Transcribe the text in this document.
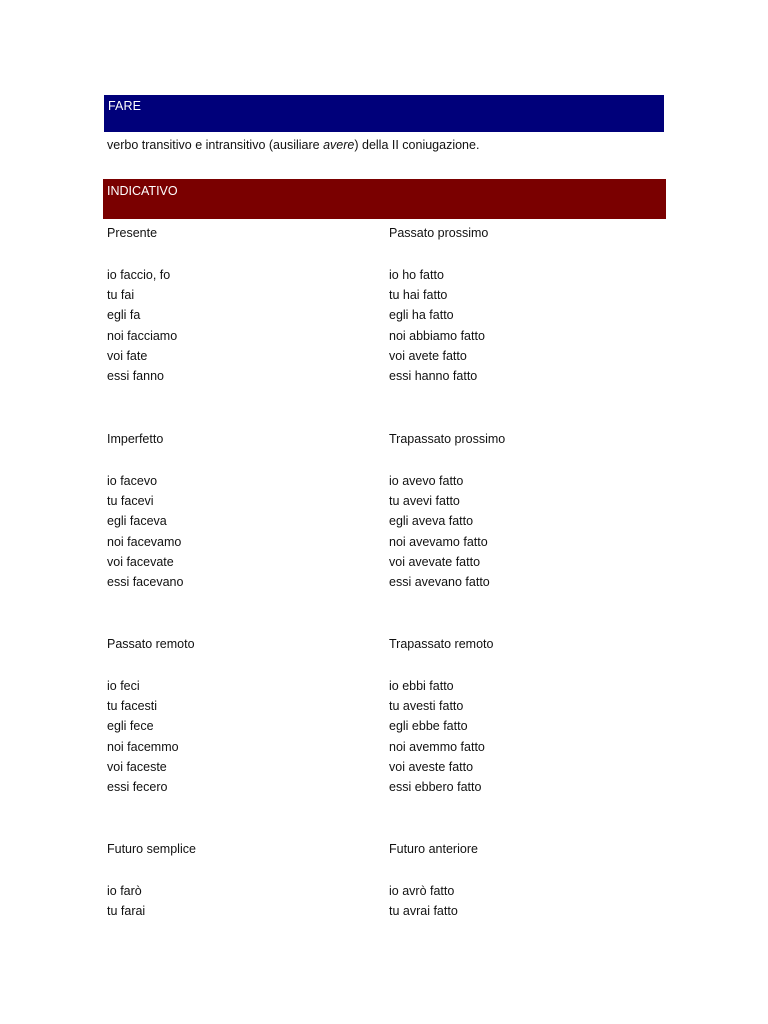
FARE
verbo transitivo e intransitivo (ausiliare avere) della II coniugazione.
INDICATIVO
Presente
io faccio, fo
tu fai
egli fa
noi facciamo
voi fate
essi fanno
Passato prossimo
io ho fatto
tu hai fatto
egli ha fatto
noi abbiamo fatto
voi avete fatto
essi hanno fatto
Imperfetto
io facevo
tu facevi
egli faceva
noi facevamo
voi facevate
essi facevano
Trapassato prossimo
io avevo fatto
tu avevi fatto
egli aveva fatto
noi avevamo fatto
voi avevate fatto
essi avevano fatto
Passato remoto
io feci
tu facesti
egli fece
noi facemmo
voi faceste
essi fecero
Trapassato remoto
io ebbi fatto
tu avesti fatto
egli ebbe fatto
noi avemmo fatto
voi aveste fatto
essi ebbero fatto
Futuro semplice
io farò
tu farai
Futuro anteriore
io avrò fatto
tu avrai fatto
